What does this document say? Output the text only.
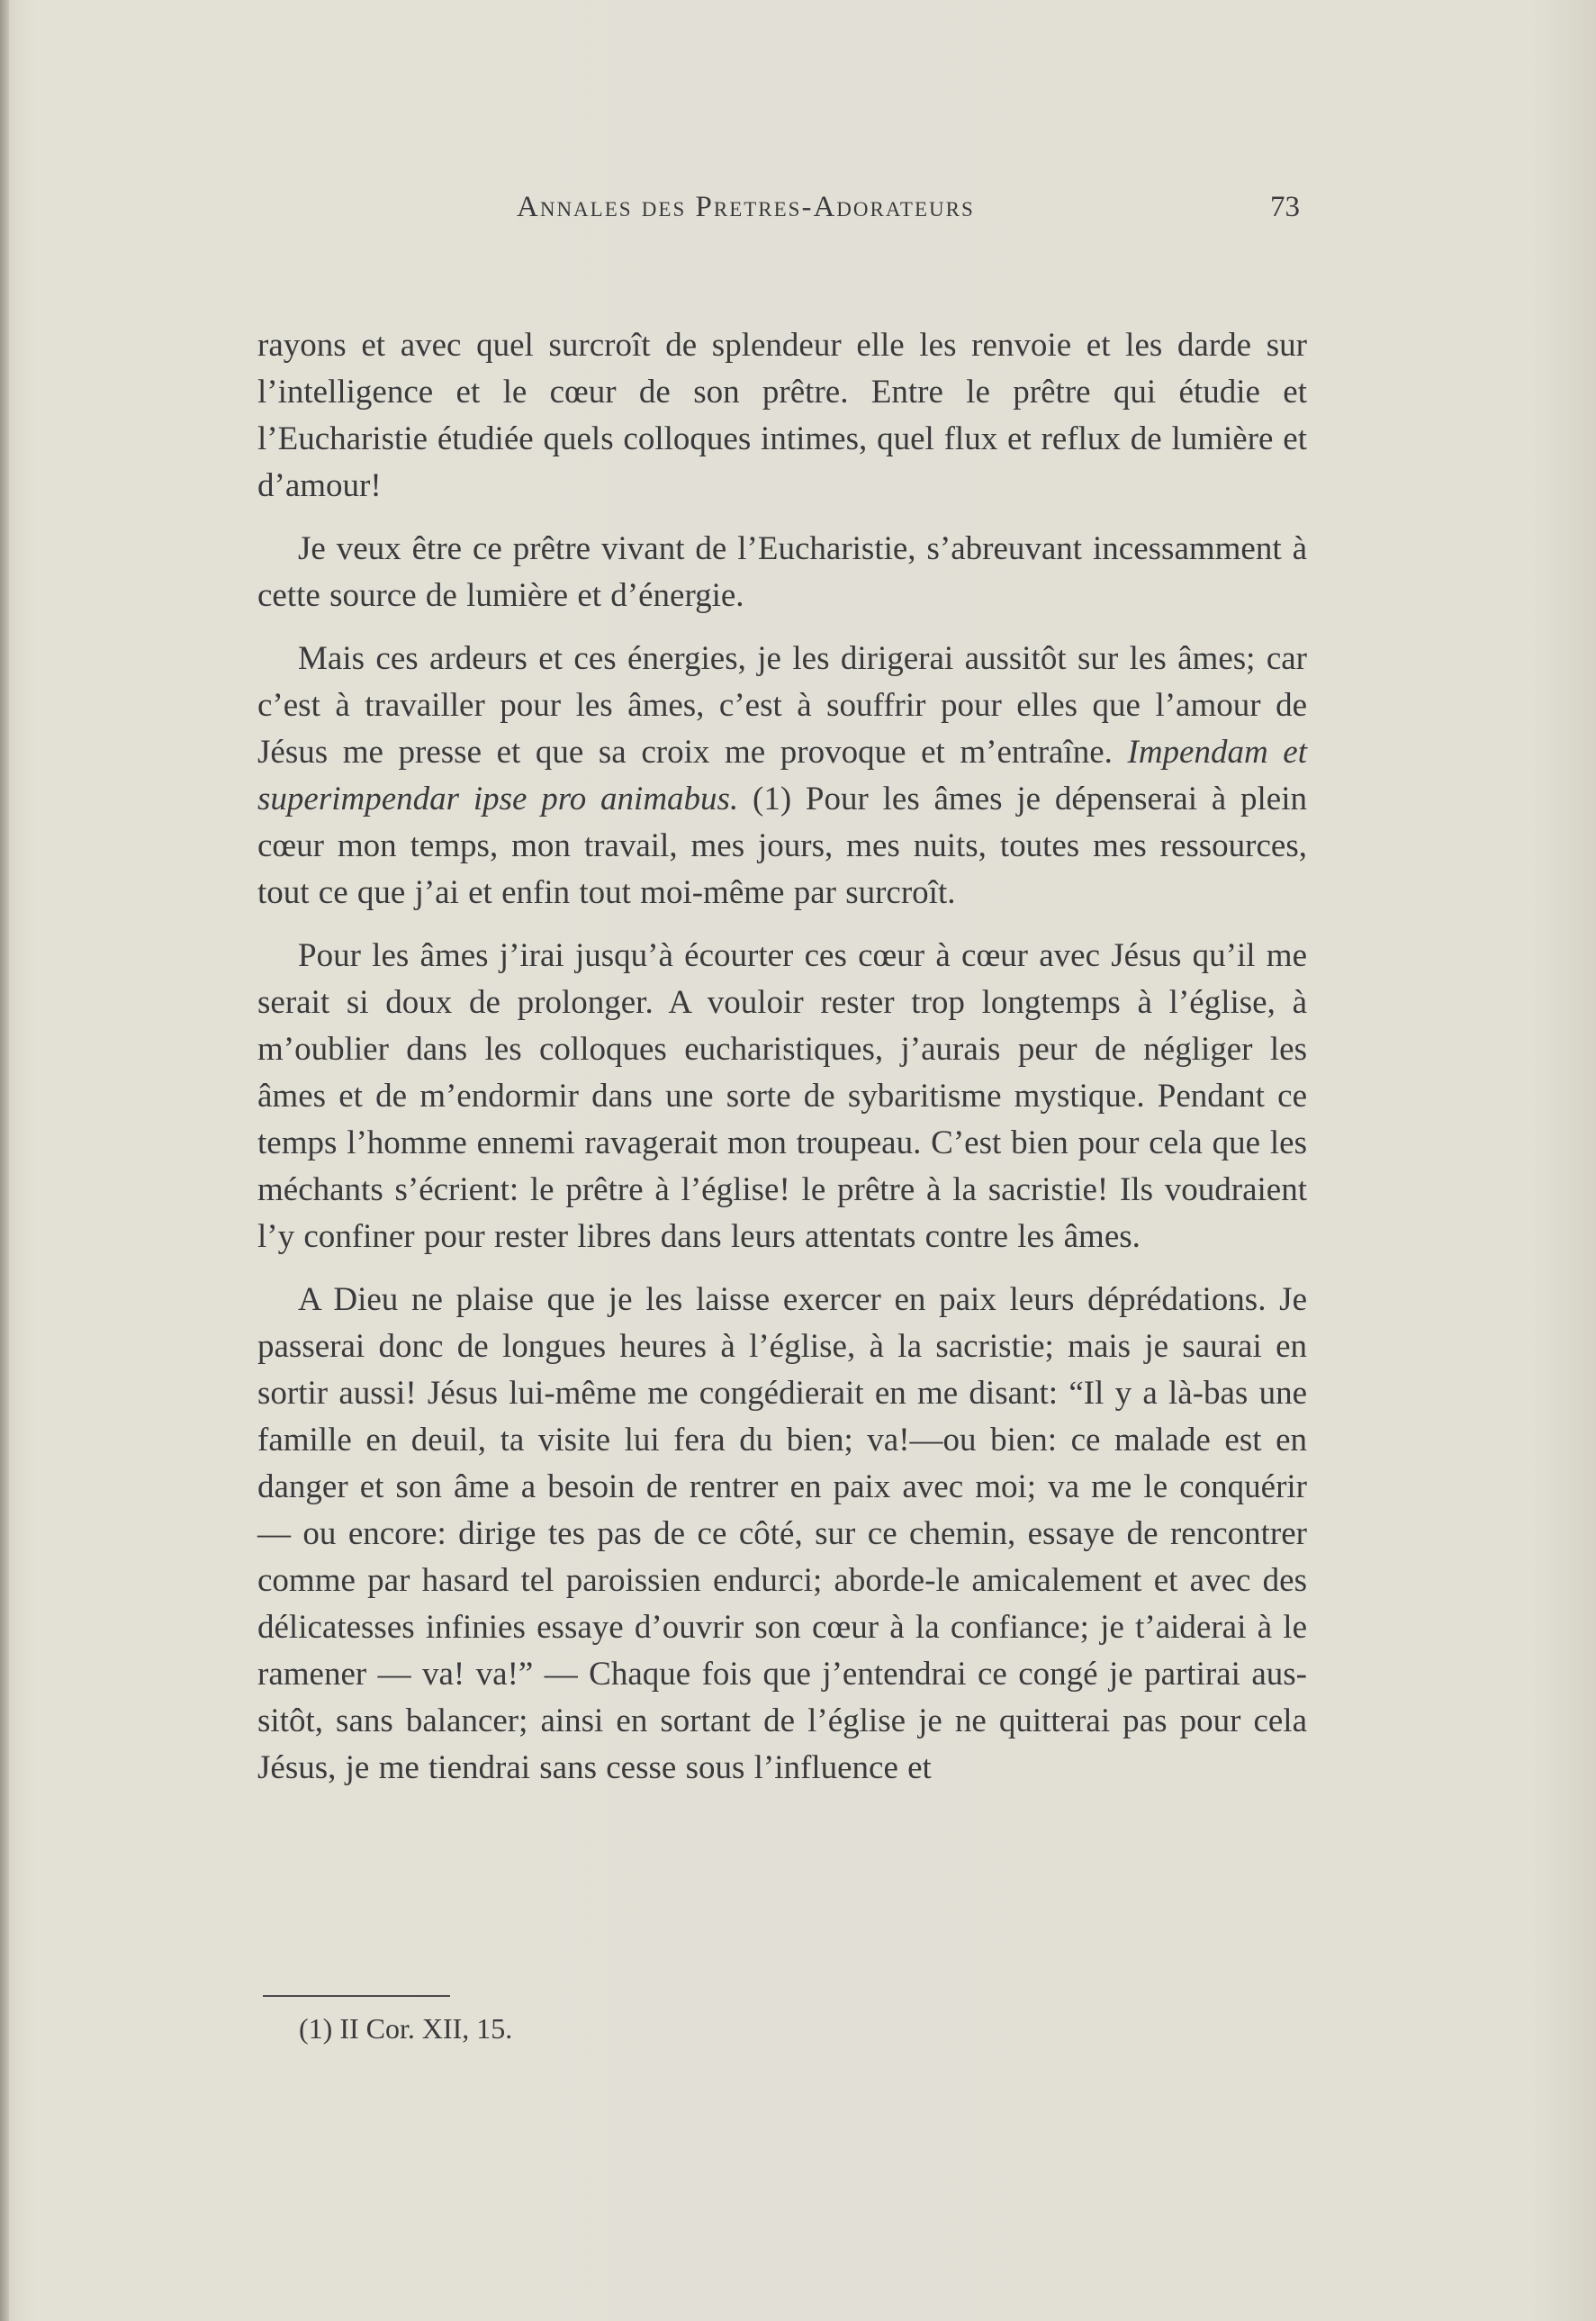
Annales des Pretres-Adorateurs	73

rayons et avec quel surcroît de splendeur elle les renvoie et les darde sur l’intelligence et le cœur de son prêtre. Entre le prêtre qui étudie et l’Eucharistie étudiée quels colloques intimes, quel flux et reflux de lumière et d’amour!

Je veux être ce prêtre vivant de l’Eucharistie, s’abreuvant incessamment à cette source de lumière et d’énergie.

Mais ces ardeurs et ces énergies, je les dirigerai aussitôt sur les âmes; car c’est à travailler pour les âmes, c’est à souffrir pour elles que l’amour de Jésus me presse et que sa croix me provoque et m’entraîne. Impendam et superimpendar ipse pro animabus. (1) Pour les âmes je dépenserai à plein cœur mon temps, mon travail, mes jours, mes nuits, toutes mes ressources, tout ce que j’ai et enfin tout moi-même par surcroît.

Pour les âmes j’irai jusqu’à écourter ces cœur à cœur avec Jésus qu’il me serait si doux de prolonger. A vouloir rester trop longtemps à l’église, à m’oublier dans les colloques eucharistiques, j’aurais peur de négliger les âmes et de m’endormir dans une sorte de sybaritisme mystique. Pendant ce temps l’homme ennemi ravagerait mon troupeau. C’est bien pour cela que les méchants s’écrient: le prêtre à l’église! le prêtre à la sacristie! Ils voudraient l’y confiner pour rester libres dans leurs attentats contre les âmes.

A Dieu ne plaise que je les laisse exercer en paix leurs déprédations. Je passerai donc de longues heures à l’église, à la sacristie; mais je saurai en sortir aussi! Jésus lui-même me congédierait en me disant: “Il y a là-bas une famille en deuil, ta visite lui fera du bien; va!—ou bien: ce malade est en danger et son âme a besoin de rentrer en paix avec moi; va me le conquérir — ou encore: dirige tes pas de ce côté, sur ce chemin, essaye de rencontrer comme par hasard tel paroissien endurci; aborde-le amicalement et avec des délicatesses infinies essaye d’ouvrir son cœur à la confiance; je t’aiderai à le ramener — va! va!” — Chaque fois que j’entendrai ce congé je partirai aussitôt, sans balancer; ainsi en sortant de l’église je ne quitterai pas pour cela Jésus, je me tiendrai sans cesse sous l’influence et

(1) II Cor. XII, 15.
